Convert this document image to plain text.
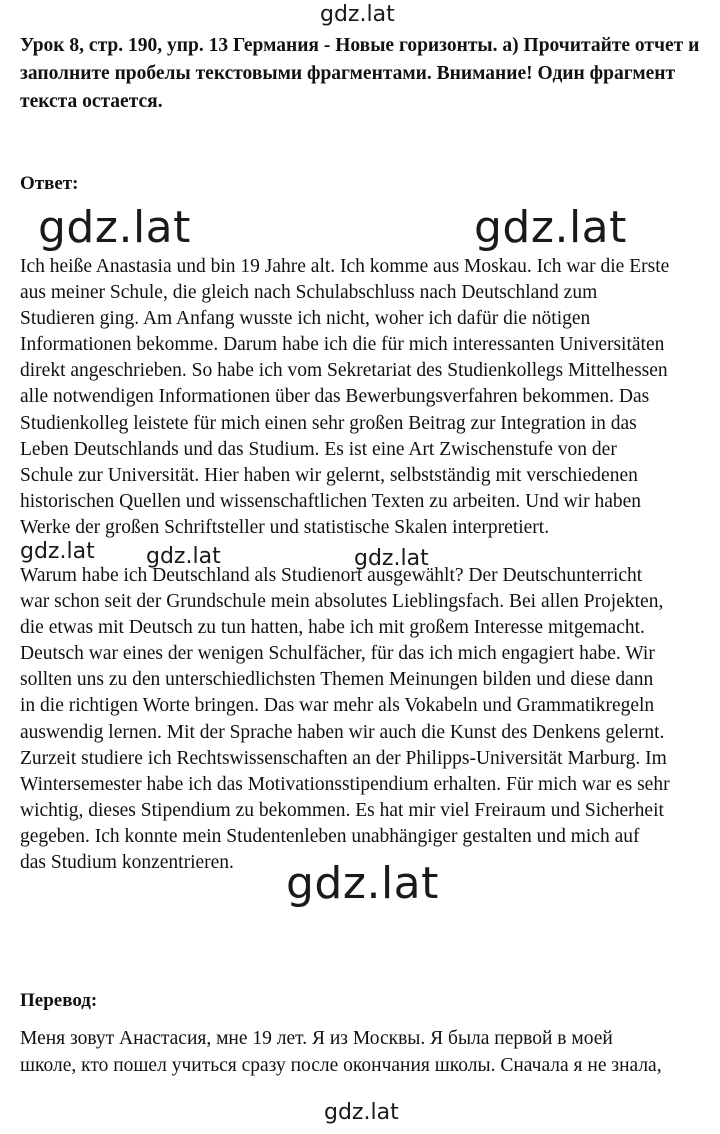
gdz.lat

Урок 8, стр. 190, упр. 13 Германия - Новые горизонты. а) Прочитайте отчет и заполните пробелы текстовыми фрагментами. Внимание! Один фрагмент текста остается.

Ответ:

gdz.lat	gdz.lat

Ich heiße Anastasia und bin 19 Jahre alt. Ich komme aus Moskau. Ich war die Erste
aus meiner Schule, die gleich nach Schulabschluss nach Deutschland zum
Studieren ging. Am Anfang wusste ich nicht, woher ich dafür die nötigen
Informationen bekomme. Darum habe ich die für mich interessanten Universitäten
direkt angeschrieben. So habe ich vom Sekretariat des Studienkollegs Mittelhessen
alle notwendigen Informationen über das Bewerbungsverfahren bekommen. Das
Studienkolleg leistete für mich einen sehr großen Beitrag zur Integration in das
Leben Deutschlands und das Studium. Es ist eine Art Zwischenstufe von der
Schule zur Universität. Hier haben wir gelernt, selbstständig mit verschiedenen
historischen Quellen und wissenschaftlichen Texten zu arbeiten. Und wir haben
Werke der großen Schriftsteller und statistische Skalen interpretiert.
gdz.lat	gdz.lat	gdz.lat

Warum habe ich Deutschland als Studienort ausgewählt? Der Deutschunterricht
war schon seit der Grundschule mein absolutes Lieblingsfach. Bei allen Projekten,
die etwas mit Deutsch zu tun hatten, habe ich mit großem Interesse mitgemacht.
Deutsch war eines der wenigen Schulfächer, für das ich mich engagiert habe. Wir
sollten uns zu den unterschiedlichsten Themen Meinungen bilden und diese dann
in die richtigen Worte bringen. Das war mehr als Vokabeln und Grammatikregeln
auswendig lernen. Mit der Sprache haben wir auch die Kunst des Denkens gelernt.
Zurzeit studiere ich Rechtswissenschaften an der Philipps-Universität Marburg. Im
Wintersemester habe ich das Motivationsstipendium erhalten. Für mich war es sehr
wichtig, dieses Stipendium zu bekommen. Es hat mir viel Freiraum und Sicherheit
gegeben. Ich konnte mein Studentenleben unabhängiger gestalten und mich auf
das Studium konzentrieren.	gdz.lat

Перевод:

Меня зовут Анастасия, мне 19 лет. Я из Москвы. Я была первой в моей
школе, кто пошел учиться сразу после окончания школы. Сначала я не знала,

gdz.lat
